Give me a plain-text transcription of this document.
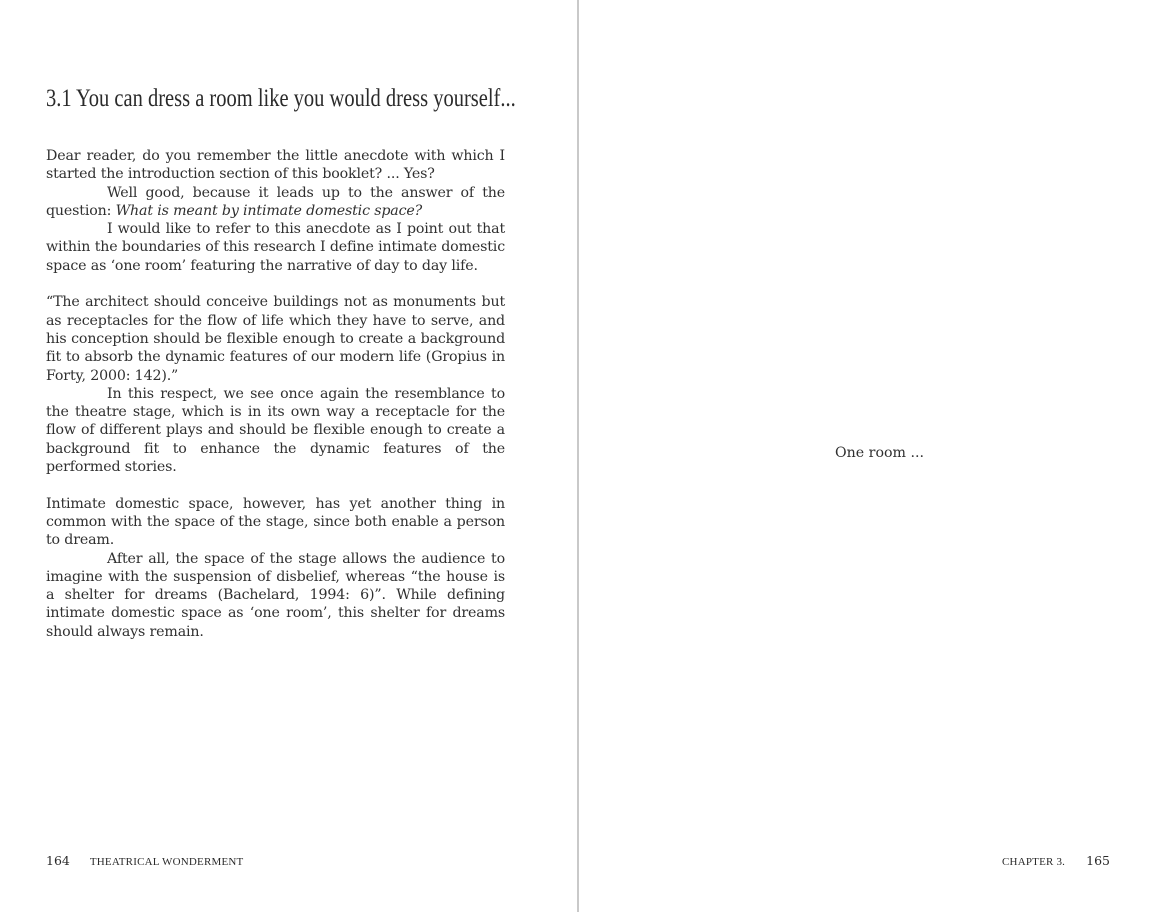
3.1 You can dress a room like you would dress yourself...

Dear reader, do you remember the little anecdote with which I started the introduction section of this booklet? ... Yes?

Well good, because it leads up to the answer of the question: What is meant by intimate domestic space?

I would like to refer to this anecdote as I point out that within the boundaries of this research I define intimate domestic space as ‘one room’ featuring the narrative of day to day life.

“The architect should conceive buildings not as monuments but as receptacles for the flow of life which they have to serve, and his conception should be flexible enough to create a background fit to absorb the dynamic features of our modern life (Gropius in Forty, 2000: 142).”

In this respect, we see once again the resemblance to the theatre stage, which is in its own way a receptacle for the flow of different plays and should be flexible enough to create a background fit to enhance the dynamic features of the performed stories.

Intimate domestic space, however, has yet another thing in common with the space of the stage, since both enable a person to dream.

After all, the space of the stage allows the audience to imagine with the suspension of disbelief, whereas “the house is a shelter for dreams (Bachelard, 1994: 6)”. While defining intimate domestic space as ‘one room’, this shelter for dreams should always remain.

164 THEATRICAL WONDERMENT
One room ...
CHAPTER 3. 165
